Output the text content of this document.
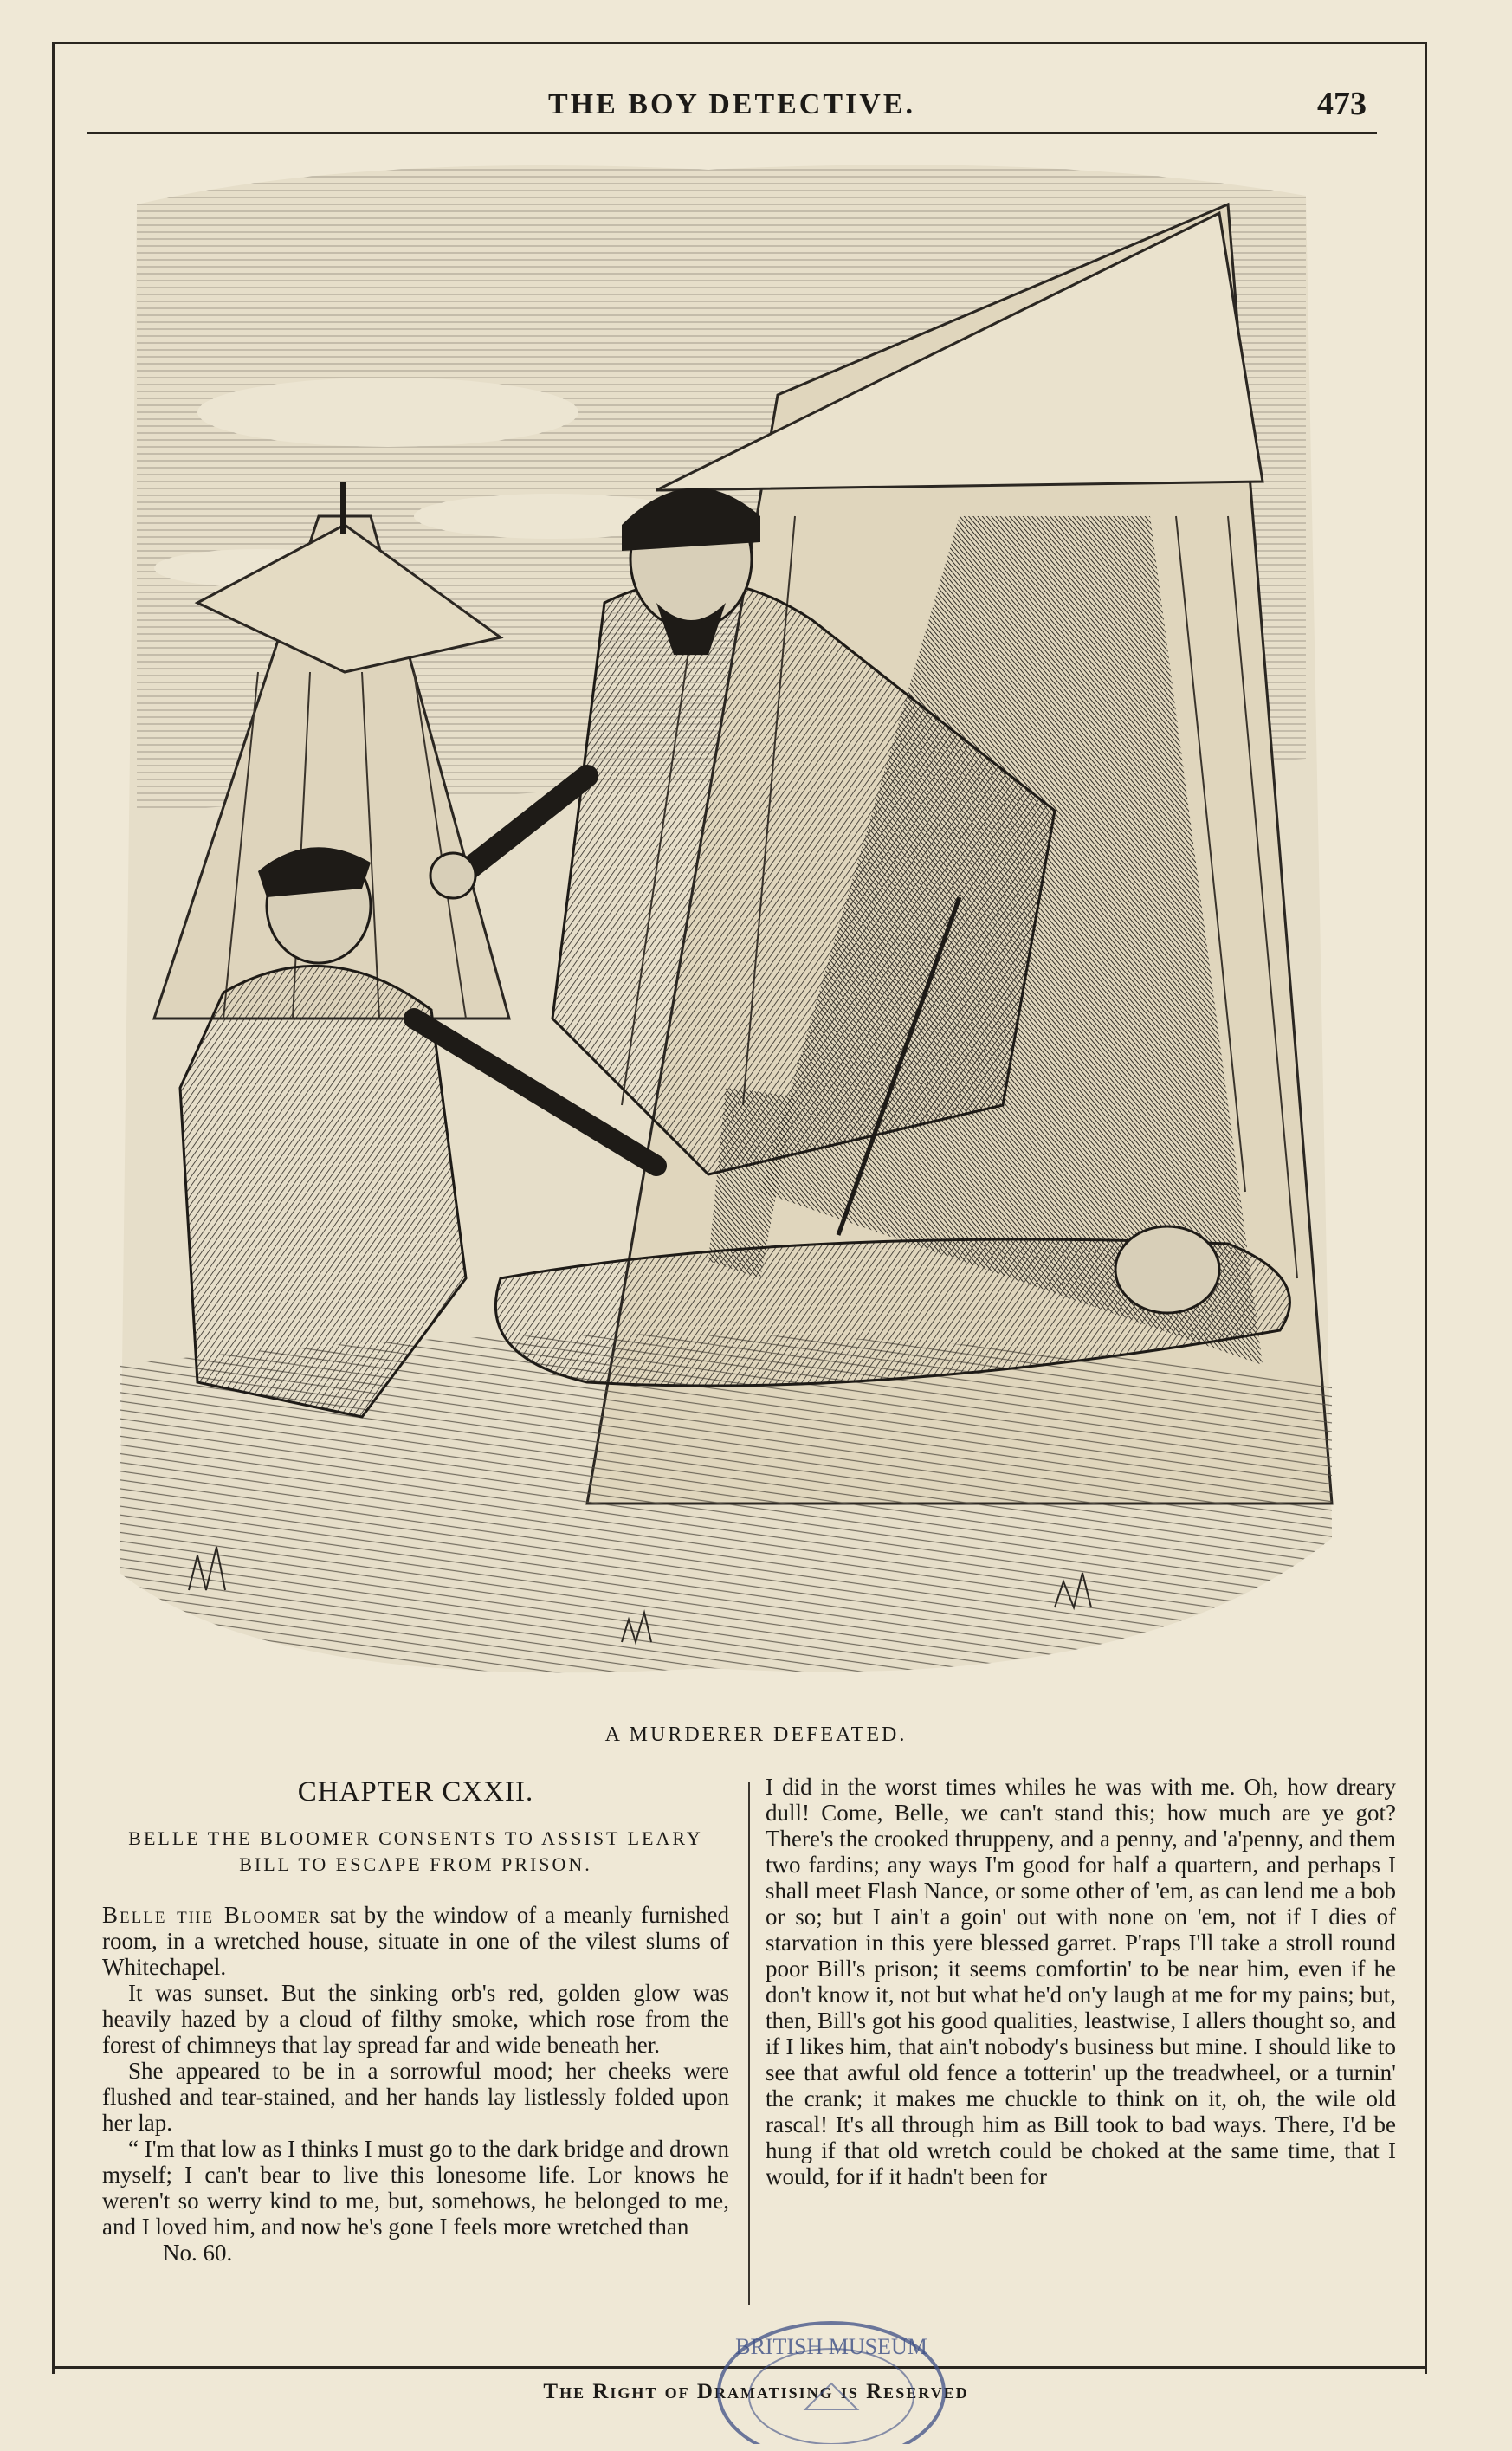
THE BOY DETECTIVE.	473
A MURDERER DEFEATED.
CHAPTER CXXII.
BELLE THE BLOOMER CONSENTS TO ASSIST LEARY BILL TO ESCAPE FROM PRISON.

Belle the Bloomer sat by the window of a meanly furnished room, in a wretched house, situate in one of the vilest slums of Whitechapel.

It was sunset. But the sinking orb's red, golden glow was heavily hazed by a cloud of filthy smoke, which rose from the forest of chimneys that lay spread far and wide beneath her.

She appeared to be in a sorrowful mood; her cheeks were flushed and tear-stained, and her hands lay listlessly folded upon her lap.

“ I'm that low as I thinks I must go to the dark bridge and drown myself; I can't bear to live this lonesome life. Lor knows he weren't so werry kind to me, but, somehows, he belonged to me, and I loved him, and now he's gone I feels more wretched than

No. 60.

I did in the worst times whiles he was with me. Oh, how dreary dull! Come, Belle, we can't stand this; how much are ye got? There's the crooked thruppeny, and a penny, and 'a'penny, and them two fardins; any ways I'm good for half a quartern, and perhaps I shall meet Flash Nance, or some other of 'em, as can lend me a bob or so; but I ain't a goin' out with none on 'em, not if I dies of starvation in this yere blessed garret. P'raps I'll take a stroll round poor Bill's prison; it seems comfortin' to be near him, even if he don't know it, not but what he'd on'y laugh at me for my pains; but, then, Bill's got his good qualities, leastwise, I allers thought so, and if I likes him, that ain't nobody's business but mine. I should like to see that awful old fence a totterin' up the treadwheel, or a turnin' the crank; it makes me chuckle to think on it, oh, the wile old rascal! It's all through him as Bill took to bad ways. There, I'd be hung if that old wretch could be choked at the same time, that I would, for if it hadn't been for

The Right of Dramatising is Reserved
BRITISH MUSEUM
